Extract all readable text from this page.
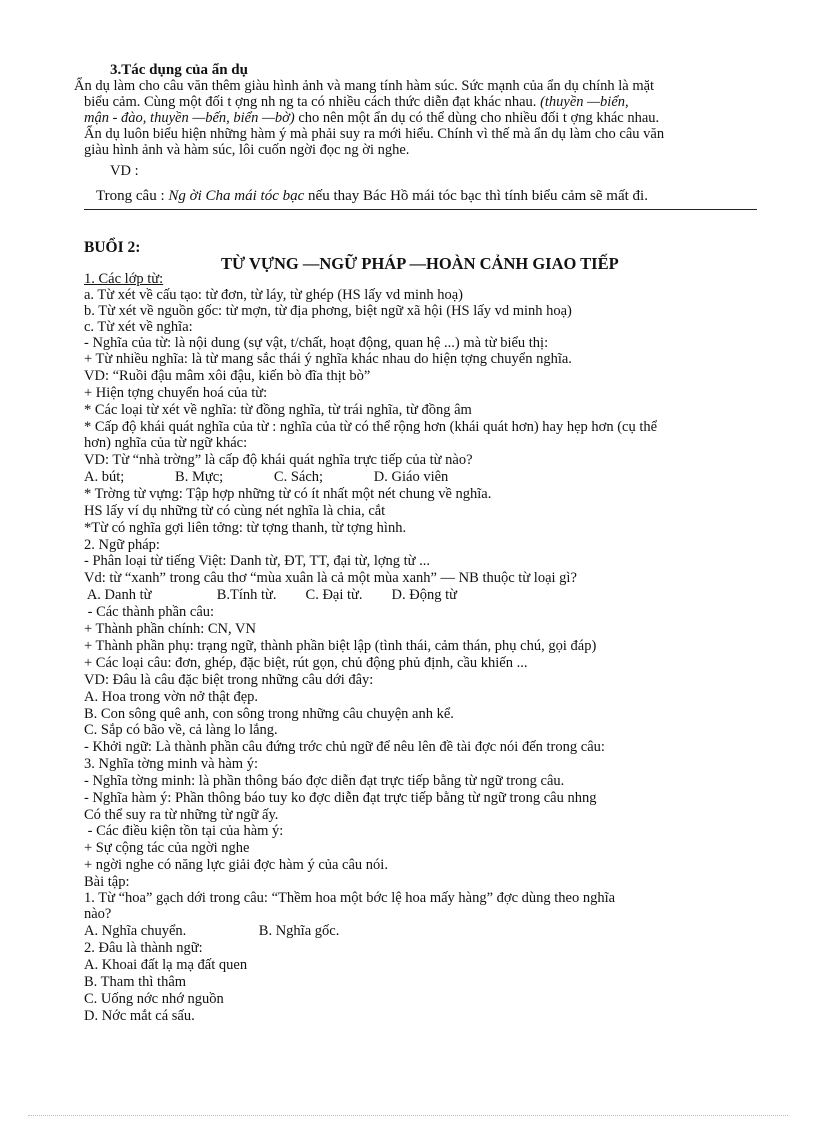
3.Tác dụng của ẩn dụ
Ẩn dụ làm cho câu văn thêm giàu hình ảnh và mang tính hàm súc. Sức mạnh của ẩn dụ chính là mặt
biểu cảm. Cùng một đối t ợng nh ng ta có nhiều cách thức diễn đạt khác nhau. (thuyền —biển,
mận - đào, thuyền —bến, biển —bờ) cho nên một ẩn dụ có thể dùng cho nhiều đối t ợng khác nhau.
Ẩn dụ luôn biểu hiện những hàm ý mà phải suy ra mới hiểu. Chính vì thế mà ẩn dụ làm cho câu văn
giàu hình ảnh và hàm súc, lôi cuốn ngời đọc ng ời nghe.
VD :
Trong câu : Ng ời Cha mái tóc bạc nếu thay Bác Hồ mái tóc bạc thì tính biểu cảm sẽ mất đi.
BUỔI 2:
TỪ VỰNG —NGỮ PHÁP —HOÀN CẢNH GIAO TIẾP
1. Các lớp từ:
a. Từ xét về cấu tạo: từ đơn, từ láy, từ ghép (HS lấy vd minh hoạ)
b. Từ xét về nguồn gốc: từ mợn, từ địa phơng, biệt ngữ xã hội (HS lấy vd minh hoạ)
c. Từ xét về nghĩa:
- Nghĩa của từ: là nội dung (sự vật, t/chất, hoạt động, quan hệ ...) mà từ biểu thị:
+ Từ nhiều nghĩa: là từ mang sắc thái ý nghĩa khác nhau do hiện tợng chuyển nghĩa.
VD: “Ruồi đậu mâm xôi đậu, kiến bò đĩa thịt bò”
+ Hiện tợng chuyển hoá của từ:
* Các loại từ xét về nghĩa: từ đồng nghĩa, từ trái nghĩa, từ đồng âm
* Cấp độ khái quát nghĩa của từ : nghĩa của từ có thể rộng hơn (khái quát hơn) hay hẹp hơn (cụ thể
hơn) nghĩa của từ ngữ khác:
VD: Từ “nhà trờng” là cấp độ khái quát nghĩa trực tiếp của từ nào?
A. bút;              B. Mực;              C. Sách;              D. Giáo viên
* Trờng từ vựng: Tập hợp những từ có ít nhất một nét chung về nghĩa.
HS lấy ví dụ những từ có cùng nét nghĩa là chia, cắt
*Từ có nghĩa gợi liên tởng: từ tợng thanh, từ tợng hình.
2. Ngữ pháp:
- Phân loại từ tiếng Việt: Danh từ, ĐT, TT, đại từ, lợng từ ...
Vd: từ “xanh” trong câu thơ “mùa xuân là cả một mùa xanh” — NB thuộc từ loại gì?
A. Danh từ                  B.Tính từ.        C. Đại từ.        D. Động từ
- Các thành phần câu:
+ Thành phần chính: CN, VN
+ Thành phần phụ: trạng ngữ, thành phần biệt lập (tình thái, cảm thán, phụ chú, gọi đáp)
+ Các loại câu: đơn, ghép, đặc biệt, rút gọn, chủ động phủ định, cầu khiến ...
VD: Đâu là câu đặc biệt trong những câu dới đây:
A. Hoa trong vờn nở thật đẹp.
B. Con sông quê anh, con sông trong những câu chuyện anh kể.
C. Sắp có bão về, cả làng lo lắng.
- Khởi ngữ: Là thành phần câu đứng trớc chủ ngữ để nêu lên đề tài đợc nói đến trong câu:
3. Nghĩa tờng minh và hàm ý:
- Nghĩa tờng minh: là phần thông báo đợc diễn đạt trực tiếp bằng từ ngữ trong câu.
- Nghĩa hàm ý: Phần thông báo tuy ko đợc diễn đạt trực tiếp bằng từ ngữ trong câu nhng
Có thể suy ra từ những từ ngữ ấy.
- Các điều kiện tồn tại của hàm ý:
+ Sự cộng tác của ngời nghe
+ ngời nghe có năng lực giải đợc hàm ý của câu nói.
Bài tập:
1. Từ “hoa” gạch dới trong câu: “Thềm hoa một bớc lệ hoa mấy hàng” đợc dùng theo nghĩa
nào?
A. Nghĩa chuyển.                    B. Nghĩa gốc.
2. Đâu là thành ngữ:
A. Khoai đất lạ mạ đất quen
B. Tham thì thâm
C. Uống nớc nhớ nguồn
D. Nớc mắt cá sấu.
